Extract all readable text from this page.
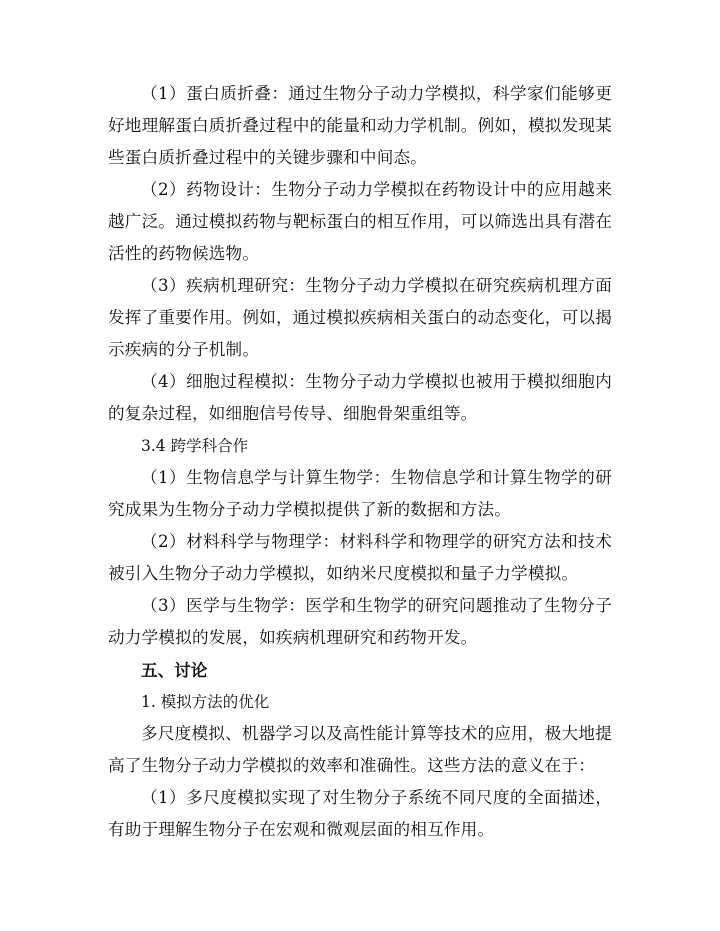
（1）蛋白质折叠：通过生物分子动力学模拟，科学家们能够更好地理解蛋白质折叠过程中的能量和动力学机制。例如，模拟发现某些蛋白质折叠过程中的关键步骤和中间态。

（2）药物设计：生物分子动力学模拟在药物设计中的应用越来越广泛。通过模拟药物与靶标蛋白的相互作用，可以筛选出具有潜在活性的药物候选物。

（3）疾病机理研究：生物分子动力学模拟在研究疾病机理方面发挥了重要作用。例如，通过模拟疾病相关蛋白的动态变化，可以揭示疾病的分子机制。

（4）细胞过程模拟：生物分子动力学模拟也被用于模拟细胞内的复杂过程，如细胞信号传导、细胞骨架重组等。

3.4 跨学科合作

（1）生物信息学与计算生物学：生物信息学和计算生物学的研究成果为生物分子动力学模拟提供了新的数据和方法。

（2）材料科学与物理学：材料科学和物理学的研究方法和技术被引入生物分子动力学模拟，如纳米尺度模拟和量子力学模拟。

（3）医学与生物学：医学和生物学的研究问题推动了生物分子动力学模拟的发展，如疾病机理研究和药物开发。

五、讨论

1. 模拟方法的优化

多尺度模拟、机器学习以及高性能计算等技术的应用，极大地提高了生物分子动力学模拟的效率和准确性。这些方法的意义在于：

（1）多尺度模拟实现了对生物分子系统不同尺度的全面描述，有助于理解生物分子在宏观和微观层面的相互作用。
